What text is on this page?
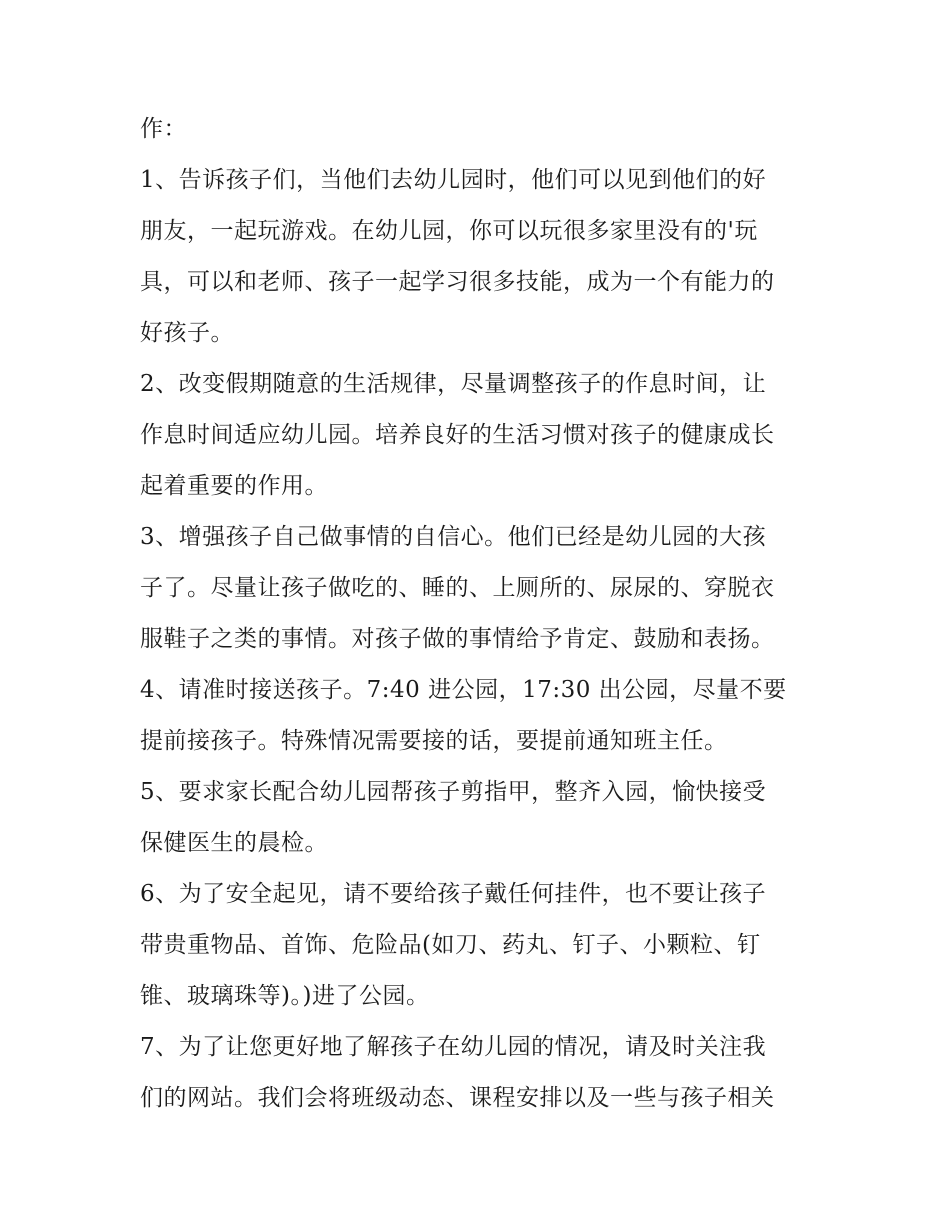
作：
1、告诉孩子们，当他们去幼儿园时，他们可以见到他们的好
朋友，一起玩游戏。在幼儿园，你可以玩很多家里没有的'玩
具，可以和老师、孩子一起学习很多技能，成为一个有能力的
好孩子。
2、改变假期随意的生活规律，尽量调整孩子的作息时间，让
作息时间适应幼儿园。培养良好的生活习惯对孩子的健康成长
起着重要的作用。
3、增强孩子自己做事情的自信心。他们已经是幼儿园的大孩
子了。尽量让孩子做吃的、睡的、上厕所的、尿尿的、穿脱衣
服鞋子之类的事情。对孩子做的事情给予肯定、鼓励和表扬。
4、请准时接送孩子。7:40 进公园，17:30 出公园，尽量不要
提前接孩子。特殊情况需要接的话，要提前通知班主任。
5、要求家长配合幼儿园帮孩子剪指甲，整齐入园，愉快接受
保健医生的晨检。
6、为了安全起见，请不要给孩子戴任何挂件，也不要让孩子
带贵重物品、首饰、危险品(如刀、药丸、钉子、小颗粒、钉
锥、玻璃珠等)。)进了公园。
7、为了让您更好地了解孩子在幼儿园的情况，请及时关注我
们的网站。我们会将班级动态、课程安排以及一些与孩子相关
